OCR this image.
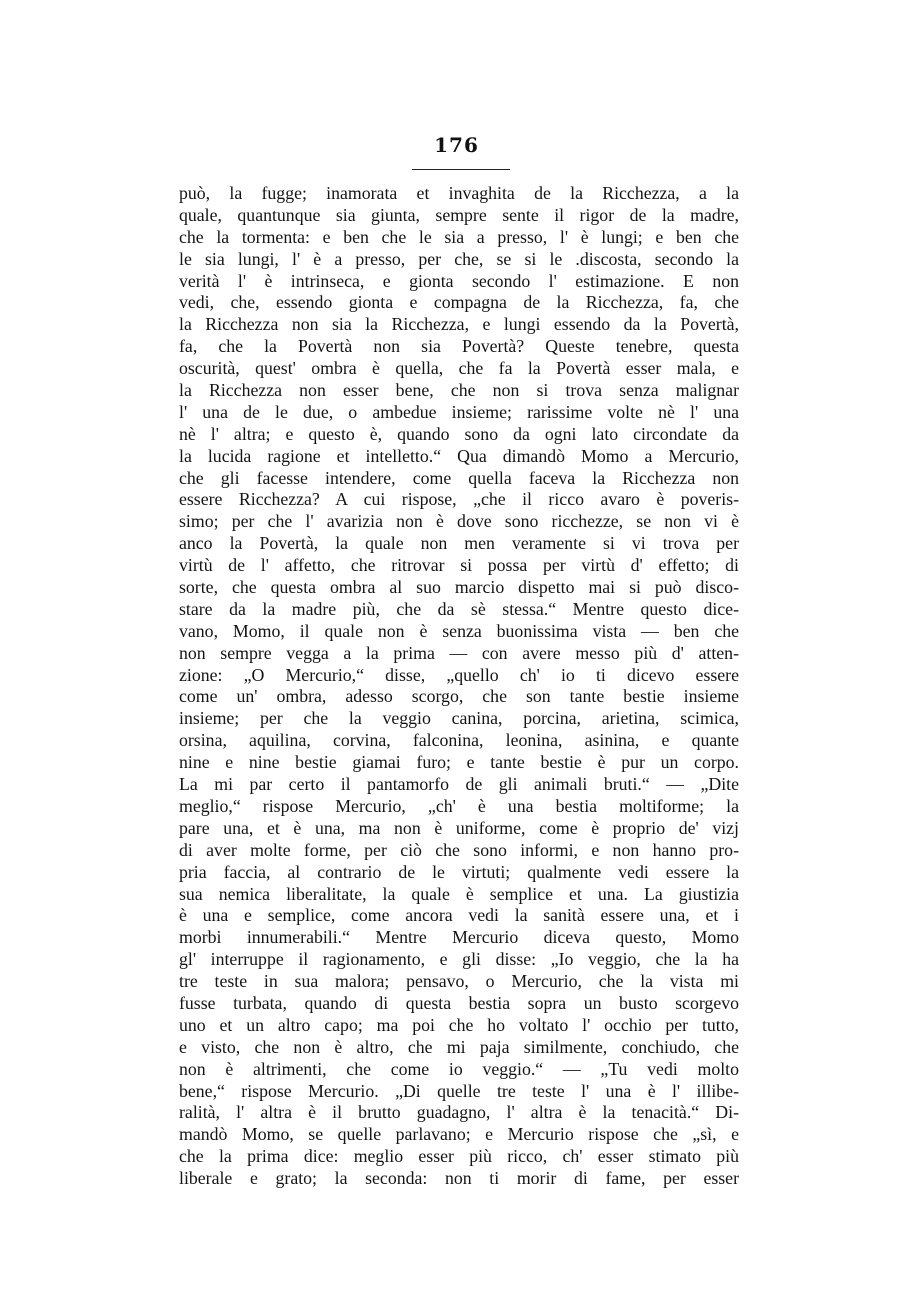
176
può, la fugge; inamorata et invaghita de la Ricchezza, a la
quale, quantunque sia giunta, sempre sente il rigor de la madre,
che la tormenta: e ben che le sia a presso, l' è lungi; e ben che
le sia lungi, l' è a presso, per che, se si le .discosta, secondo la
verità l' è intrinseca, e gionta secondo l' estimazione. E non
vedi, che, essendo gionta e compagna de la Ricchezza, fa, che
la Ricchezza non sia la Ricchezza, e lungi essendo da la Povertà,
fa, che la Povertà non sia Povertà? Queste tenebre, questa
oscurità, quest' ombra è quella, che fa la Povertà esser mala, e
la Ricchezza non esser bene, che non si trova senza malignar
l' una de le due, o ambedue insieme; rarissime volte nè l' una
nè l' altra; e questo è, quando sono da ogni lato circondate da
la lucida ragione et intelletto.“ Qua dimandò Momo a Mercurio,
che gli facesse intendere, come quella faceva la Ricchezza non
essere Ricchezza? A cui rispose, „che il ricco avaro è poveris-
simo; per che l' avarizia non è dove sono ricchezze, se non vi è
anco la Povertà, la quale non men veramente si vi trova per
virtù de l' affetto, che ritrovar si possa per virtù d' effetto; di
sorte, che questa ombra al suo marcio dispetto mai si può disco-
stare da la madre più, che da sè stessa.“ Mentre questo dice-
vano, Momo, il quale non è senza buonissima vista — ben che
non sempre vegga a la prima — con avere messo più d' atten-
zione: „O Mercurio,“ disse, „quello ch' io ti dicevo essere
come un' ombra, adesso scorgo, che son tante bestie insieme
insieme; per che la veggio canina, porcina, arietina, scimica,
orsina, aquilina, corvina, falconina, leonina, asinina, e quante
nine e nine bestie giamai furo; e tante bestie è pur un corpo.
La mi par certo il pantamorfo de gli animali bruti.“ — „Dite
meglio,“ rispose Mercurio, „ch' è una bestia moltiforme; la
pare una, et è una, ma non è uniforme, come è proprio de' vizj
di aver molte forme, per ciò che sono informi, e non hanno pro-
pria faccia, al contrario de le virtuti; qualmente vedi essere la
sua nemica liberalitate, la quale è semplice et una. La giustizia
è una e semplice, come ancora vedi la sanità essere una, et i
morbi innumerabili.“ Mentre Mercurio diceva questo, Momo
gl' interruppe il ragionamento, e gli disse: „Io veggio, che la ha
tre teste in sua malora; pensavo, o Mercurio, che la vista mi
fusse turbata, quando di questa bestia sopra un busto scorgevo
uno et un altro capo; ma poi che ho voltato l' occhio per tutto,
e visto, che non è altro, che mi paja similmente, conchiudo, che
non è altrimenti, che come io veggio.“ — „Tu vedi molto
bene,“ rispose Mercurio. „Di quelle tre teste l' una è l' illibe-
ralità, l' altra è il brutto guadagno, l' altra è la tenacità.“ Di-
mandò Momo, se quelle parlavano; e Mercurio rispose che „sì, e
che la prima dice: meglio esser più ricco, ch' esser stimato più
liberale e grato; la seconda: non ti morir di fame, per esser
